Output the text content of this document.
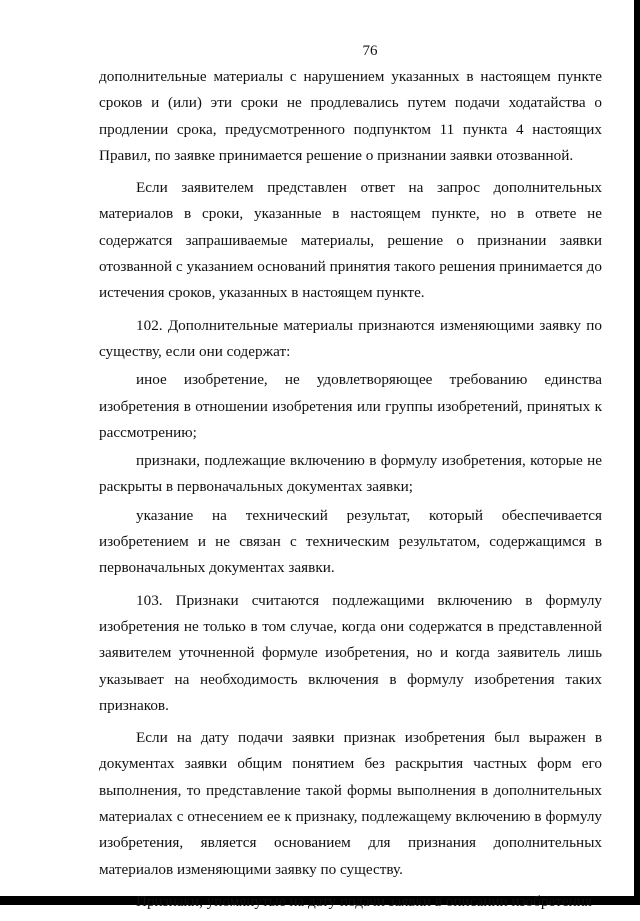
76

дополнительные материалы с нарушением указанных в настоящем пункте сроков и (или) эти сроки не продлевались путем подачи ходатайства о продлении срока, предусмотренного подпунктом 11 пункта 4 настоящих Правил, по заявке принимается решение о признании заявки отозванной.

Если заявителем представлен ответ на запрос дополнительных материалов в сроки, указанные в настоящем пункте, но в ответе не содержатся запрашиваемые материалы, решение о признании заявки отозванной с указанием оснований принятия такого решения принимается до истечения сроков, указанных в настоящем пункте.

102. Дополнительные материалы признаются изменяющими заявку по существу, если они содержат:

иное изобретение, не удовлетворяющее требованию единства изобретения в отношении изобретения или группы изобретений, принятых к рассмотрению;

признаки, подлежащие включению в формулу изобретения, которые не раскрыты в первоначальных документах заявки;

указание на технический результат, который обеспечивается изобретением и не связан с техническим результатом, содержащимся в первоначальных документах заявки.

103. Признаки считаются подлежащими включению в формулу изобретения не только в том случае, когда они содержатся в представленной заявителем уточненной формуле изобретения, но и когда заявитель лишь указывает на необходимость включения в формулу изобретения таких признаков.

Если на дату подачи заявки признак изобретения был выражен в документах заявки общим понятием без раскрытия частных форм его выполнения, то представление такой формы выполнения в дополнительных материалах с отнесением ее к признаку, подлежащему включению в формулу изобретения, является основанием для признания дополнительных материалов изменяющими заявку по существу.

Признаки, упомянутые на дату подачи заявки в описании изобретения
